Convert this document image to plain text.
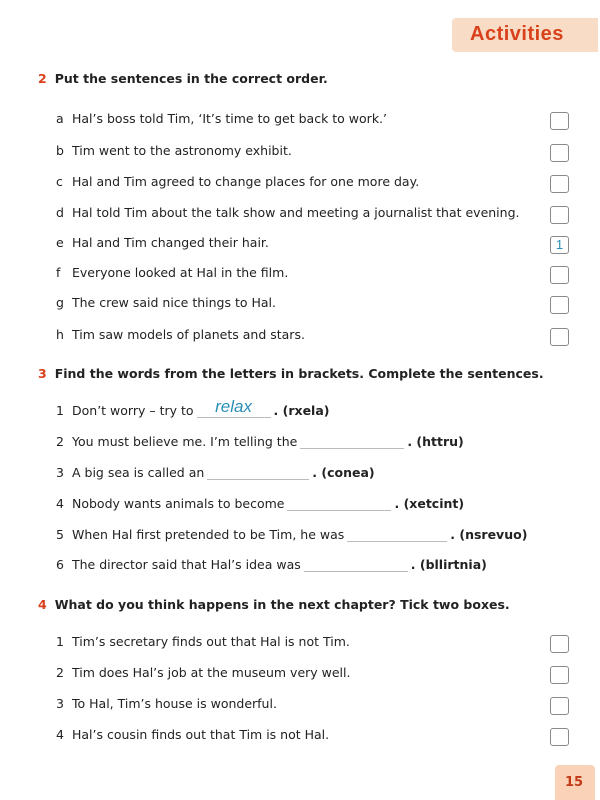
Activities
2 Put the sentences in the correct order.
3 Find the words from the letters in brackets. Complete the sentences.
4 What do you think happens in the next chapter? Tick two boxes.
15
a Hal’s boss told Tim, ‘It’s time to get back to work.’
b Tim went to the astronomy exhibit.
c Hal and Tim agreed to change places for one more day.
d Hal told Tim about the talk show and meeting a journalist that evening.
e Hal and Tim changed their hair.	1
f Everyone looked at Hal in the film.
g The crew said nice things to Hal.
h Tim saw models of planets and stars.
1 Don’t worry – try to	relax	. (rxela)
2 You must believe me. I’m telling the	. (httru)
3 A big sea is called an	. (conea)
4 Nobody wants animals to become	. (xetcint)
5 When Hal first pretended to be Tim, he was	. (nsrevuo)
6 The director said that Hal’s idea was	. (bllirtnia)
1 Tim’s secretary finds out that Hal is not Tim.
2 Tim does Hal’s job at the museum very well.
3 To Hal, Tim’s house is wonderful.
4 Hal’s cousin finds out that Tim is not Hal.
